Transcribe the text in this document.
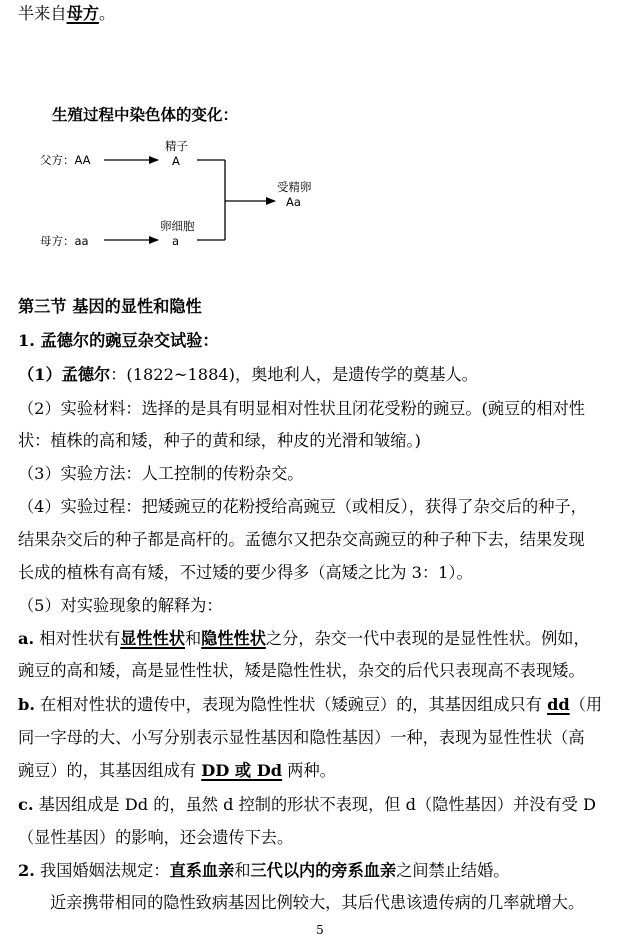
半来自母方。
生殖过程中染色体的变化：
父方：AA
母方：aa
精子
A
卵细胞
a
受精卵
Aa
第三节 基因的显性和隐性
1. 孟德尔的豌豆杂交试验：
（1）孟德尔：(1822~1884)，奥地利人，是遗传学的奠基人。
（2）实验材料：选择的是具有明显相对性状且闭花受粉的豌豆。(豌豆的相对性
状：植株的高和矮，种子的黄和绿，种皮的光滑和皱缩。)
（3）实验方法：人工控制的传粉杂交。
（4）实验过程：把矮豌豆的花粉授给高豌豆（或相反），获得了杂交后的种子，
结果杂交后的种子都是高杆的。孟德尔又把杂交高豌豆的种子种下去，结果发现
长成的植株有高有矮，不过矮的要少得多（高矮之比为 3：1）。
（5）对实验现象的解释为：
a. 相对性状有显性性状和隐性性状之分，杂交一代中表现的是显性性状。例如，
豌豆的高和矮，高是显性性状，矮是隐性性状，杂交的后代只表现高不表现矮。
b. 在相对性状的遗传中，表现为隐性性状（矮豌豆）的，其基因组成只有 dd（用
同一字母的大、小写分别表示显性基因和隐性基因）一种，表现为显性性状（高
豌豆）的，其基因组成有 DD 或 Dd 两种。
c. 基因组成是 Dd 的，虽然 d 控制的形状不表现，但 d（隐性基因）并没有受 D
（显性基因）的影响，还会遗传下去。
2. 我国婚姻法规定：直系血亲和三代以内的旁系血亲之间禁止结婚。
近亲携带相同的隐性致病基因比例较大，其后代患该遗传病的几率就增大。
5
